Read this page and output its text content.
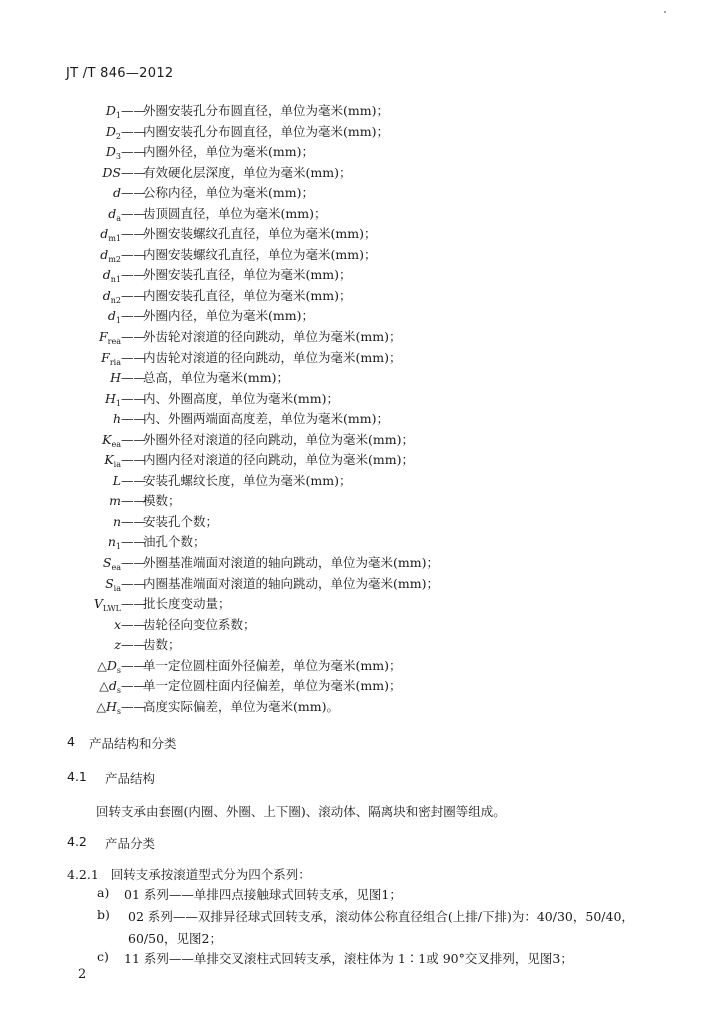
JT /T 846—2012
$D_1$ ——
外圈安装孔分布圆直径，单位为毫米(mm)；
$D_2$ ——
内圈安装孔分布圆直径，单位为毫米(mm)；
$D_3$ ——
内圈外径，单位为毫米(mm)；
DS ——
有效硬化层深度，单位为毫米(mm)；
d ——
公称内径，单位为毫米(mm)；
$d_a$ ——
齿顶圆直径，单位为毫米(mm)；
$d_{m1}$ ——
外圈安装螺纹孔直径，单位为毫米(mm)；
$d_{m2}$ ——
内圈安装螺纹孔直径，单位为毫米(mm)；
$d_{n1}$ ——
外圈安装孔直径，单位为毫米(mm)；
$d_{n2}$ ——
内圈安装孔直径，单位为毫米(mm)；
$d_1$ ——
外圈内径，单位为毫米(mm)；
$F_{rea}$ ——
外齿轮对滚道的径向跳动，单位为毫米(mm)；
$F_{ria}$ ——
内齿轮对滚道的径向跳动，单位为毫米(mm)；
H ——
总高，单位为毫米(mm)；
$H_1$ ——
内、外圈高度，单位为毫米(mm)；
h ——
内、外圈两端面高度差，单位为毫米(mm)；
$K_{ea}$ ——
外圈外径对滚道的径向跳动，单位为毫米(mm)；
$K_{ia}$ ——
内圈内径对滚道的径向跳动，单位为毫米(mm)；
L ——
安装孔螺纹长度，单位为毫米(mm)；
m ——
模数；
n ——
安装孔个数；
$n_1$ ——
油孔个数；
$S_{ea}$ ——
外圈基准端面对滚道的轴向跳动，单位为毫米(mm)；
$S_{ia}$ ——
内圈基准端面对滚道的轴向跳动，单位为毫米(mm)；
$V_{LWL}$ ——
批长度变动量；
x ——
齿轮径向变位系数；
z ——
齿数；
$\triangle D_s$ ——
单一定位圆柱面外径偏差，单位为毫米(mm)；
$\triangle d_s$ ——
单一定位圆柱面内径偏差，单位为毫米(mm)；
$\triangle H_s$ ——
高度实际偏差，单位为毫米(mm)。
4 产品结构和分类
4.1 产品结构
回转支承由套圈(内圈、外圈、上下圈)、滚动体、隔离块和密封圈等组成。
4.2 产品分类
4.2.1 回转支承按滚道型式分为四个系列：
a) 01 系列——单排四点接触球式回转支承，见图1；
b) 02 系列——双排异径球式回转支承，滚动体公称直径组合(上排/下排)为：40/30，50/40，
60/50，见图2；
c) 11 系列——单排交叉滚柱式回转支承，滚柱体为 1∶1或 90°交叉排列，见图3；
2
